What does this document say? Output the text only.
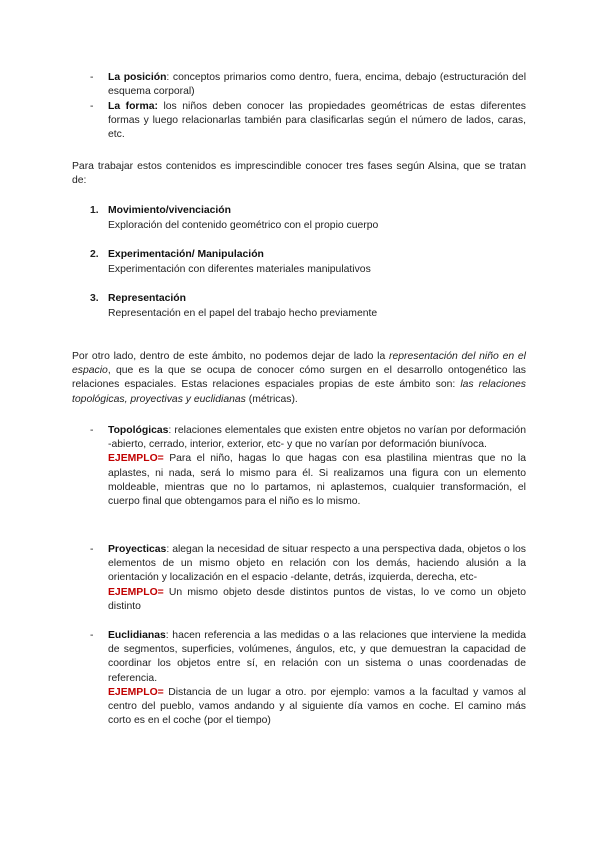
- La posición: conceptos primarios como dentro, fuera, encima, debajo (estructuración del esquema corporal)
- La forma: los niños deben conocer las propiedades geométricas de estas diferentes formas y luego relacionarlas también para clasificarlas según el número de lados, caras, etc.
Para trabajar estos contenidos es imprescindible conocer tres fases según Alsina, que se tratan de:
1. Movimiento/vivenciación
Exploración del contenido geométrico con el propio cuerpo
2. Experimentación/ Manipulación
Experimentación con diferentes materiales manipulativos
3. Representación
Representación en el papel del trabajo hecho previamente
Por otro lado, dentro de este ámbito, no podemos dejar de lado la representación del niño en el espacio, que es la que se ocupa de conocer cómo surgen en el desarrollo ontogenético las relaciones espaciales. Estas relaciones espaciales propias de este ámbito son: las relaciones topológicas, proyectivas y euclidianas (métricas).
- Topológicas: relaciones elementales que existen entre objetos no varían por deformación -abierto, cerrado, interior, exterior, etc- y que no varían por deformación biunívoca.
EJEMPLO= Para el niño, hagas lo que hagas con esa plastilina mientras que no la aplastes, ni nada, será lo mismo para él. Si realizamos una figura con un elemento moldeable, mientras que no lo partamos, ni aplastemos, cualquier transformación, el cuerpo final que obtengamos para el niño es lo mismo.
- Proyecticas: alegan la necesidad de situar respecto a una perspectiva dada, objetos o los elementos de un mismo objeto en relación con los demás, haciendo alusión a la orientación y localización en el espacio -delante, detrás, izquierda, derecha, etc-
EJEMPLO= Un mismo objeto desde distintos puntos de vistas, lo ve como un objeto distinto
- Euclidianas: hacen referencia a las medidas o a las relaciones que interviene la medida de segmentos, superficies, volúmenes, ángulos, etc, y que demuestran la capacidad de coordinar los objetos entre sí, en relación con un sistema o unas coordenadas de referencia.
EJEMPLO= Distancia de un lugar a otro. por ejemplo: vamos a la facultad y vamos al centro del pueblo, vamos andando y al siguiente día vamos en coche. El camino más corto es en el coche (por el tiempo)
